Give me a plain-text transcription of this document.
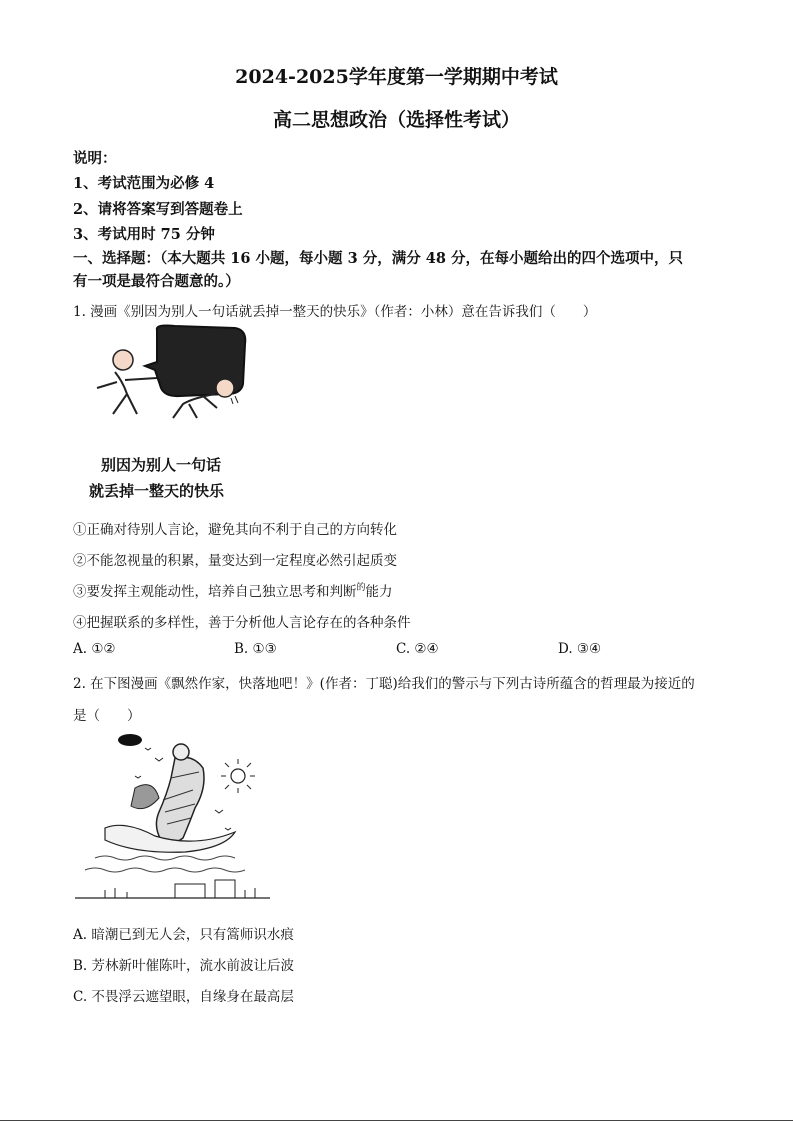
2024-2025学年度第一学期期中考试
高二思想政治（选择性考试）
说明：
1、考试范围为必修 4
2、请将答案写到答题卷上
3、考试用时 75 分钟
一、选择题：（本大题共 16 小题，每小题 3 分，满分 48 分，在每小题给出的四个选项中，只
有一项是最符合题意的。）
1. 漫画《别因为别人一句话就丢掉一整天的快乐》（作者：小林）意在告诉我们（　　）
别因为别人一句话
就丢掉一整天的快乐
①正确对待别人言论，避免其向不利于自己的方向转化
②不能忽视量的积累，量变达到一定程度必然引起质变
③要发挥主观能动性，培养自己独立思考和判断$^的$能力
④把握联系的多样性，善于分析他人言论存在的各种条件
A. ①②	B. ①③	C. ②④	D. ③④
2. 在下图漫画《飘然作家，快落地吧！》(作者：丁聪)给我们的警示与下列古诗所蕴含的哲理最为接近的
是（　　）
A. 暗潮已到无人会，只有篙师识水痕
B. 芳林新叶催陈叶，流水前波让后波
C. 不畏浮云遮望眼，自缘身在最高层
